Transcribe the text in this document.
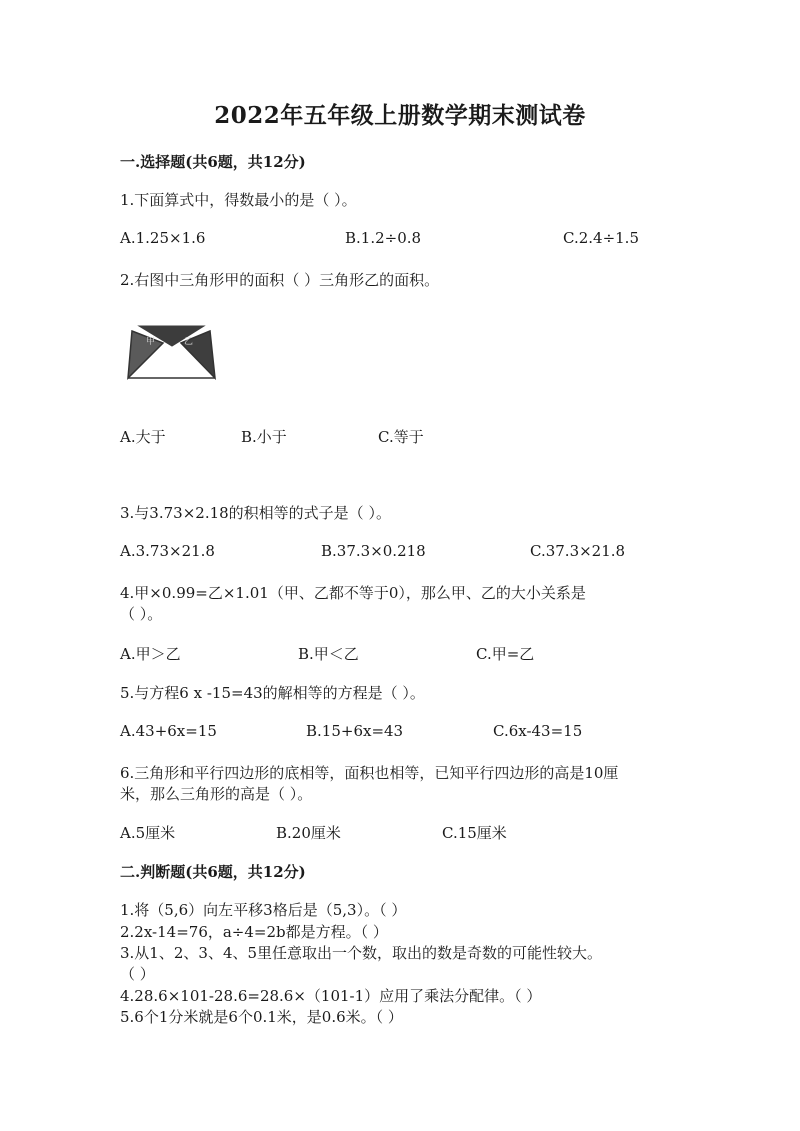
2022年五年级上册数学期末测试卷
一.选择题(共6题，共12分)
1.下面算式中，得数最小的是（ ）。
A.1.25×1.6	B.1.2÷0.8	C.2.4÷1.5
2.右图中三角形甲的面积（ ）三角形乙的面积。
甲	乙
A.大于	B.小于	C.等于
3.与3.73×2.18的积相等的式子是（ ）。
A.3.73×21.8	B.37.3×0.218	C.37.3×21.8
4.甲×0.99=乙×1.01（甲、乙都不等于0），那么甲、乙的大小关系是
（ ）。
A.甲＞乙	B.甲＜乙	C.甲=乙
5.与方程6 x -15=43的解相等的方程是（ ）。
A.43+6x=15	B.15+6x=43	C.6x-43=15
6.三角形和平行四边形的底相等，面积也相等，已知平行四边形的高是10厘
米，那么三角形的高是（ ）。
A.5厘米	B.20厘米	C.15厘米
二.判断题(共6题，共12分)
1.将（5,6）向左平移3格后是（5,3）。（ ）
2.2x-14=76，a÷4=2b都是方程。（ ）
3.从1、2、3、4、5里任意取出一个数，取出的数是奇数的可能性较大。
（ ）
4.28.6×101-28.6=28.6×（101-1）应用了乘法分配律。（ ）
5.6个1分米就是6个0.1米，是0.6米。（ ）
